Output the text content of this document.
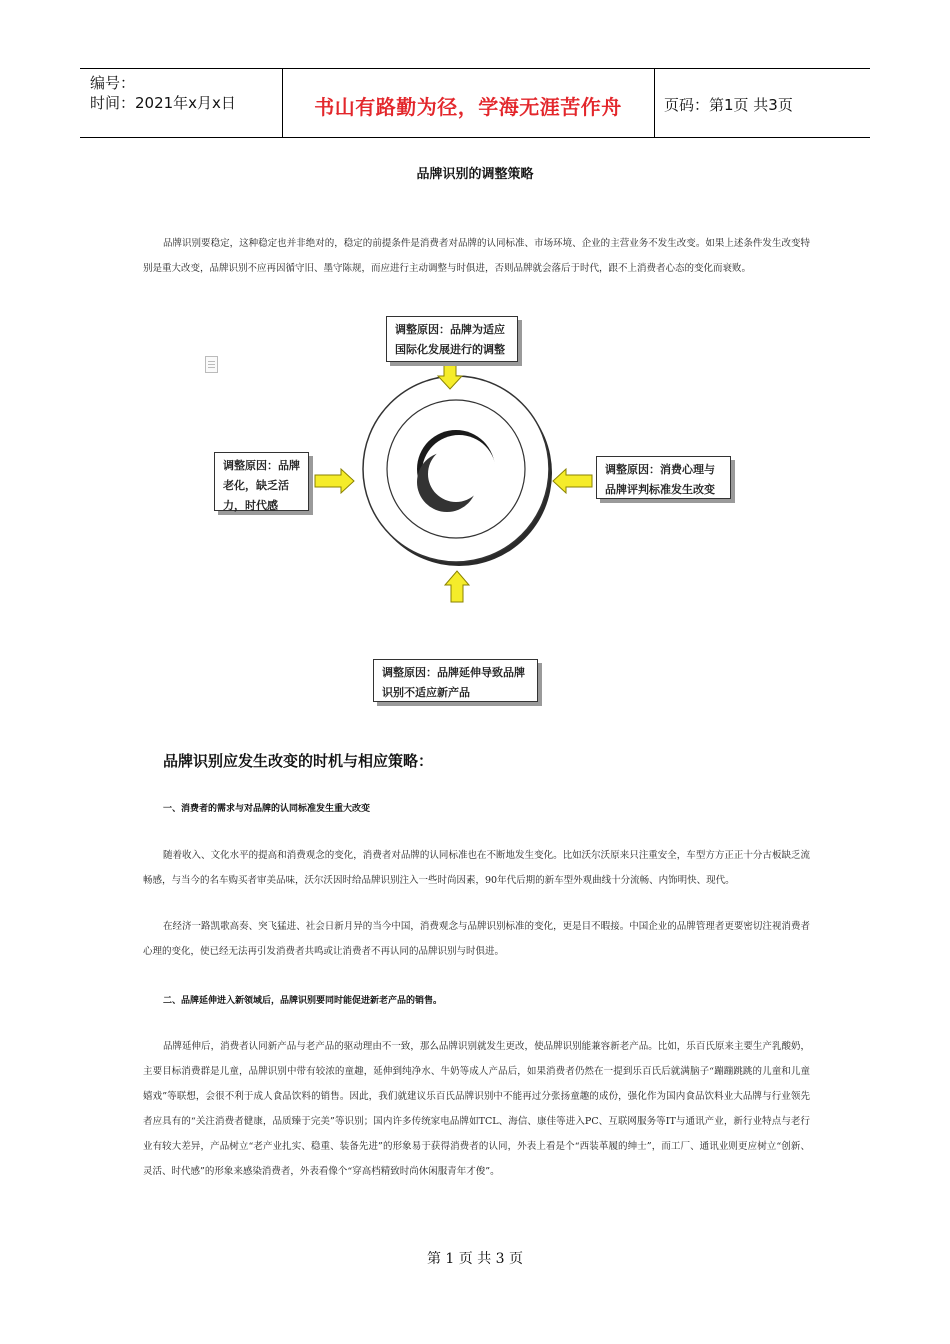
编号：
时间：2021年x月x日	书山有路勤为径，学海无涯苦作舟	页码：第1页 共3页
品牌识别的调整策略
品牌识别要稳定，这种稳定也并非绝对的，稳定的前提条件是消费者对品牌的认同标准、市场环境、企业的主营业务不发生改变。如果上述条件发生改变特别是重大改变，品牌识别不应再因循守旧、墨守陈规，而应进行主动调整与时俱进，否则品牌就会落后于时代，跟不上消费者心态的变化而衰败。
调整原因：品牌为适应国际化发展进行的调整
调整原因：品牌老化，缺乏活力，时代感
调整原因：消费心理与品牌评判标准发生改变
调整原因：品牌延伸导致品牌识别不适应新产品
品牌识别应发生改变的时机与相应策略：
一、消费者的需求与对品牌的认同标准发生重大改变
随着收入、文化水平的提高和消费观念的变化，消费者对品牌的认同标准也在不断地发生变化。比如沃尔沃原来只注重安全，车型方方正正十分古板缺乏流畅感，与当今的名车购买者审美品味，沃尔沃因时给品牌识别注入一些时尚因素，90年代后期的新车型外观曲线十分流畅、内饰明快、现代。
在经济一路凯歌高奏、突飞猛进、社会日新月异的当今中国，消费观念与品牌识别标准的变化，更是目不暇接。中国企业的品牌管理者更要密切注视消费者心理的变化，使已经无法再引发消费者共鸣或让消费者不再认同的品牌识别与时俱进。
二、品牌延伸进入新领域后，品牌识别要同时能促进新老产品的销售。
品牌延伸后，消费者认同新产品与老产品的驱动理由不一致，那么品牌识别就发生更改，使品牌识别能兼容新老产品。比如，乐百氏原来主要生产乳酸奶，主要目标消费群是儿童，品牌识别中带有较浓的童趣，延伸到纯净水、牛奶等成人产品后，如果消费者仍然在一提到乐百氏后就满脑子“蹦蹦跳跳的儿童和儿童嬉戏”等联想，会很不利于成人食品饮料的销售。因此，我们就建议乐百氏品牌识别中不能再过分张扬童趣的成份，强化作为国内食品饮料业大品牌与行业领先者应具有的“关注消费者健康，品质臻于完美”等识别；国内许多传统家电品牌如TCL、海信、康佳等进入PC、互联网服务等IT与通讯产业，新行业特点与老行业有较大差异，产品树立“老产业扎实、稳重、装备先进”的形象易于获得消费者的认同，外表上看是个“西装革履的绅士”，而工厂、通讯业则更应树立“创新、灵活、时代感”的形象来感染消费者，外表看像个“穿高档精致时尚休闲服青年才俊”。
第 1 页 共 3 页
